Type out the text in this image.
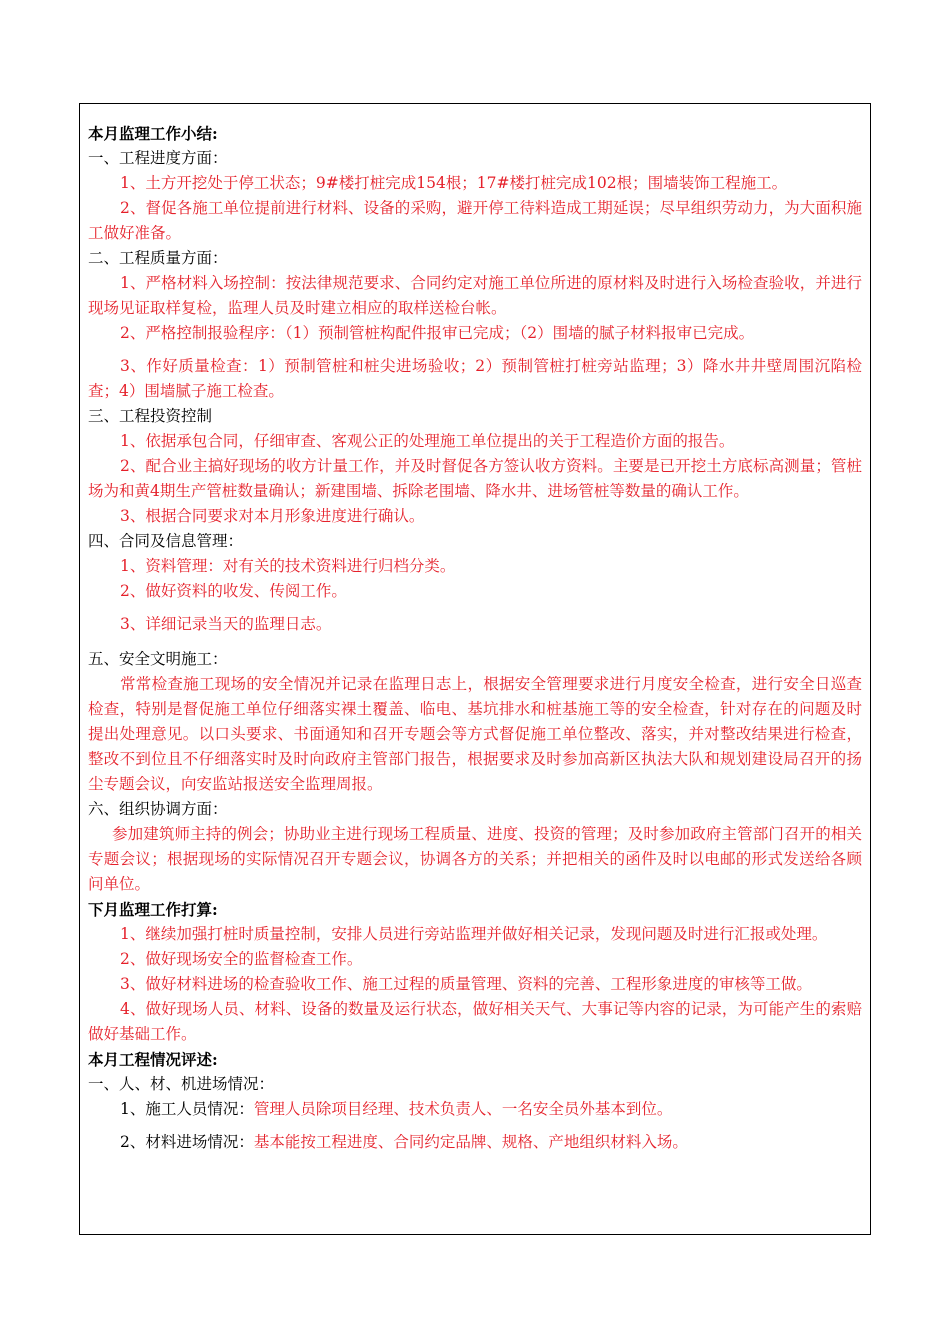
本月监理工作小结:
一、工程进度方面：
1、土方开挖处于停工状态；9#楼打桩完成154根；17#楼打桩完成102根；围墙装饰工程施工。
2、督促各施工单位提前进行材料、设备的采购，避开停工待料造成工期延误；尽早组织劳动力，为大面积施工做好准备。
二、工程质量方面：
1、严格材料入场控制：按法律规范要求、合同约定对施工单位所进的原材料及时进行入场检查验收，并进行现场见证取样复检，监理人员及时建立相应的取样送检台帐。
2、严格控制报验程序：（1）预制管桩构配件报审已完成；（2）围墙的腻子材料报审已完成。
3、作好质量检查：1）预制管桩和桩尖进场验收；2）预制管桩打桩旁站监理；3）降水井井壁周围沉陷检查；4）围墙腻子施工检查。
三、工程投资控制
1、依据承包合同，仔细审查、客观公正的处理施工单位提出的关于工程造价方面的报告。
2、配合业主搞好现场的收方计量工作，并及时督促各方签认收方资料。主要是已开挖土方底标高测量；管桩场为和黄4期生产管桩数量确认；新建围墙、拆除老围墙、降水井、进场管桩等数量的确认工作。
3、根据合同要求对本月形象进度进行确认。
四、合同及信息管理：
1、资料管理：对有关的技术资料进行归档分类。
2、做好资料的收发、传阅工作。
3、详细记录当天的监理日志。
五、安全文明施工：
常常检查施工现场的安全情况并记录在监理日志上，根据安全管理要求进行月度安全检查，进行安全日巡查检查，特别是督促施工单位仔细落实裸土覆盖、临电、基坑排水和桩基施工等的安全检查，针对存在的问题及时提出处理意见。以口头要求、书面通知和召开专题会等方式督促施工单位整改、落实，并对整改结果进行检查，整改不到位且不仔细落实时及时向政府主管部门报告，根据要求及时参加高新区执法大队和规划建设局召开的扬尘专题会议，向安监站报送安全监理周报。
六、组织协调方面：
参加建筑师主持的例会；协助业主进行现场工程质量、进度、投资的管理；及时参加政府主管部门召开的相关专题会议；根据现场的实际情况召开专题会议，协调各方的关系；并把相关的函件及时以电邮的形式发送给各顾问单位。
下月监理工作打算:
1、继续加强打桩时质量控制，安排人员进行旁站监理并做好相关记录，发现问题及时进行汇报或处理。
2、做好现场安全的监督检查工作。
3、做好材料进场的检查验收工作、施工过程的质量管理、资料的完善、工程形象进度的审核等工做。
4、做好现场人员、材料、设备的数量及运行状态，做好相关天气、大事记等内容的记录，为可能产生的索赔做好基础工作。
本月工程情况评述:
一、人、材、机进场情况：
1、施工人员情况：管理人员除项目经理、技术负责人、一名安全员外基本到位。
2、材料进场情况：基本能按工程进度、合同约定品牌、规格、产地组织材料入场。
